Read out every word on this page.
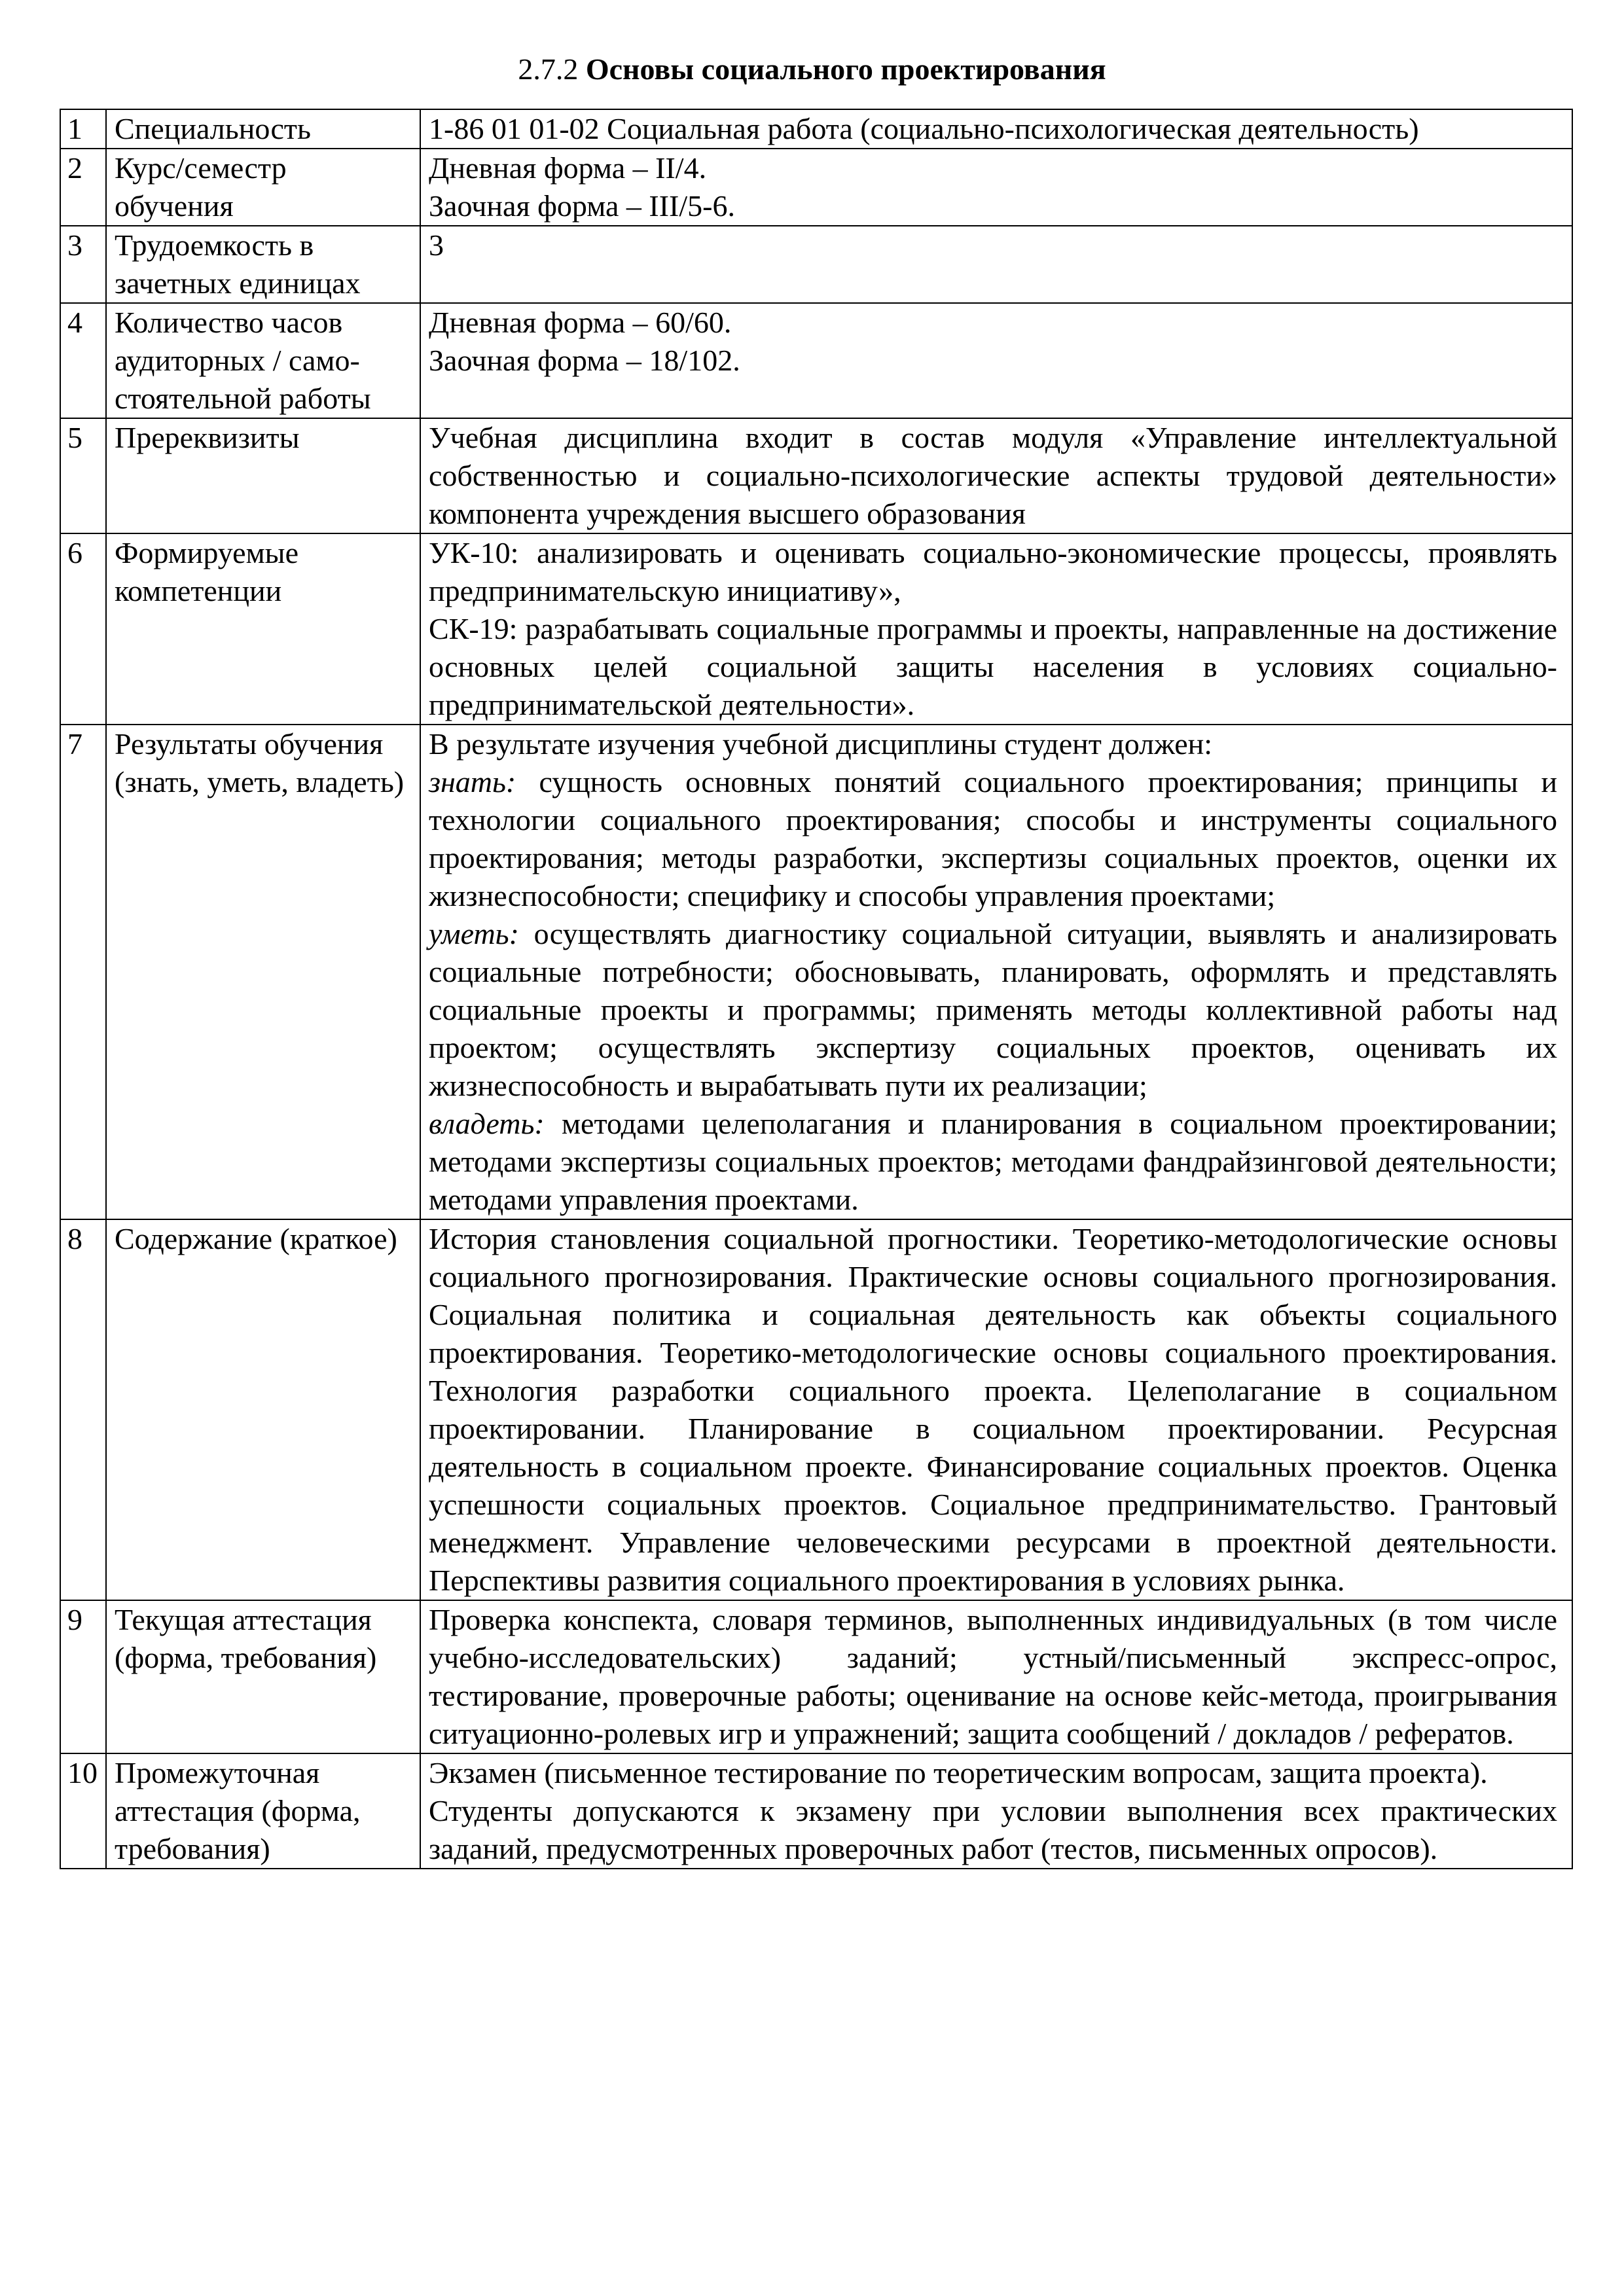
2.7.2 Основы социального проектирования
1	Специальность	1-86 01 01-02 Социальная работа (социально-психологическая деятельность)

2	Курс/семестр обучения	Дневная форма – II/4.
Заочная форма – III/5-6.

3	Трудоемкость в зачетных единицах	3

4	Количество часов аудиторных / само-стоятельной работы	Дневная форма – 60/60.
Заочная форма – 18/102.

5	Пререквизиты	Учебная дисциплина входит в состав модуля «Управление интеллектуальной собственностью и социально-психологические аспекты трудовой деятельности» компонента учреждения высшего образования

6	Формируемые компетенции	УК-10: анализировать и оценивать социально-экономические процессы, проявлять предпринимательскую инициативу»,
СК-19: разрабатывать социальные программы и проекты, направленные на достижение основных целей социальной защиты населения в условиях социально-предпринимательской деятельности».

7	Результаты обучения (знать, уметь, владеть)	В результате изучения учебной дисциплины студент должен:
знать: сущность основных понятий социального проектирования; принципы и технологии социального проектирования; способы и инструменты социального проектирования; методы разработки, экспертизы социальных проектов, оценки их жизнеспособности; специфику и способы управления проектами;
уметь: осуществлять диагностику социальной ситуации, выявлять и анализировать социальные потребности; обосновывать, планировать, оформлять и представлять социальные проекты и программы; применять методы коллективной работы над проектом; осуществлять экспертизу социальных проектов, оценивать их жизнеспособность и вырабатывать пути их реализации;
владеть: методами целеполагания и планирования в социальном проектировании; методами экспертизы социальных проектов; методами фандрайзинговой деятельности; методами управления проектами.

8	Содержание (краткое)	История становления социальной прогностики. Теоретико-методологические основы социального прогнозирования. Практические основы социального прогнозирования. Социальная политика и социальная деятельность как объекты социального проектирования. Теоретико-методологические основы социального проектирования. Технология разработки социального проекта. Целеполагание в социальном проектировании. Планирование в социальном проектировании. Ресурсная деятельность в социальном проекте. Финансирование социальных проектов. Оценка успешности социальных проектов. Социальное предпринимательство. Грантовый менеджмент. Управление человеческими ресурсами в проектной деятельности. Перспективы развития социального проектирования в условиях рынка.

9	Текущая аттестация (форма, требования)	Проверка конспекта, словаря терминов, выполненных индивидуальных (в том числе учебно-исследовательских) заданий; устный/письменный экспресс-опрос, тестирование, проверочные работы; оценивание на основе кейс-метода, проигрывания ситуационно-ролевых игр и упражнений; защита сообщений / докладов / рефератов.

10	Промежуточная аттестация (форма, требования)	Экзамен (письменное тестирование по теоретическим вопросам, защита проекта).
Студенты допускаются к экзамену при условии выполнения всех практических заданий, предусмотренных проверочных работ (тестов, письменных опросов).
